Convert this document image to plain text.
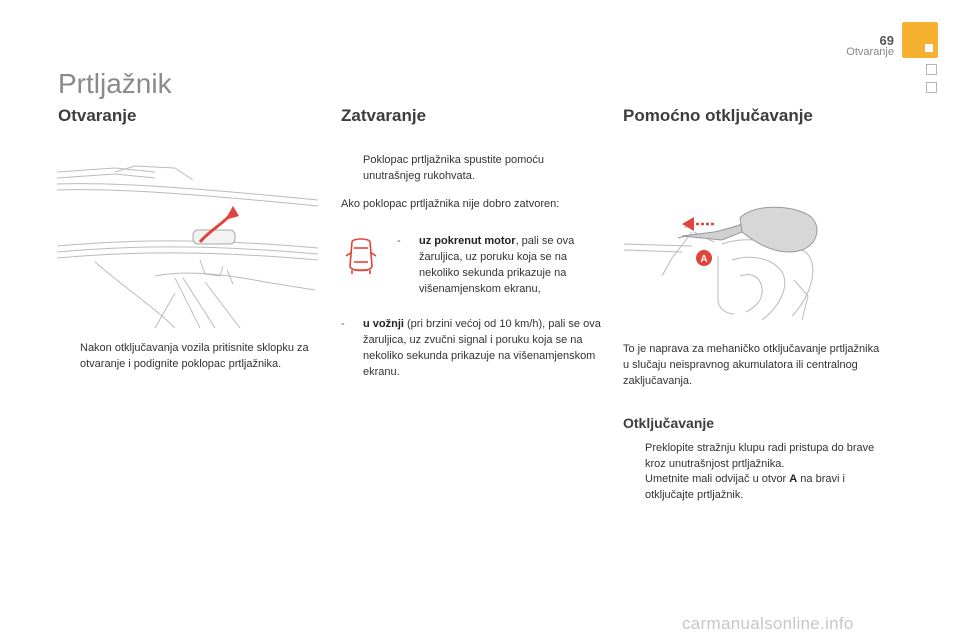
69
Otvaranje
Prtljažnik
Otvaranje
Nakon otključavanja vozila pritisnite sklopku za otvaranje i podignite poklopac prtljažnika.
Zatvaranje
Poklopac prtljažnika spustite pomoću unutrašnjeg rukohvata.
Ako poklopac prtljažnika nije dobro zatvoren:
- uz pokrenut motor, pali se ova žaruljica, uz poruku koja se na nekoliko sekunda prikazuje na višenamjenskom ekranu,
- u vožnji (pri brzini većoj od 10 km/h), pali se ova žaruljica, uz zvučni signal i poruku koja se na nekoliko sekunda prikazuje na višenamjenskom ekranu.
Pomoćno otključavanje
A
To je naprava za mehaničko otključavanje prtljažnika u slučaju neispravnog akumulatora ili centralnog zaključavanja.
Otključavanje
Preklopite stražnju klupu radi pristupa do brave kroz unutrašnjost prtljažnika.
Umetnite mali odvijač u otvor A na bravi i otključajte prtljažnik.
carmanualsonline.info
